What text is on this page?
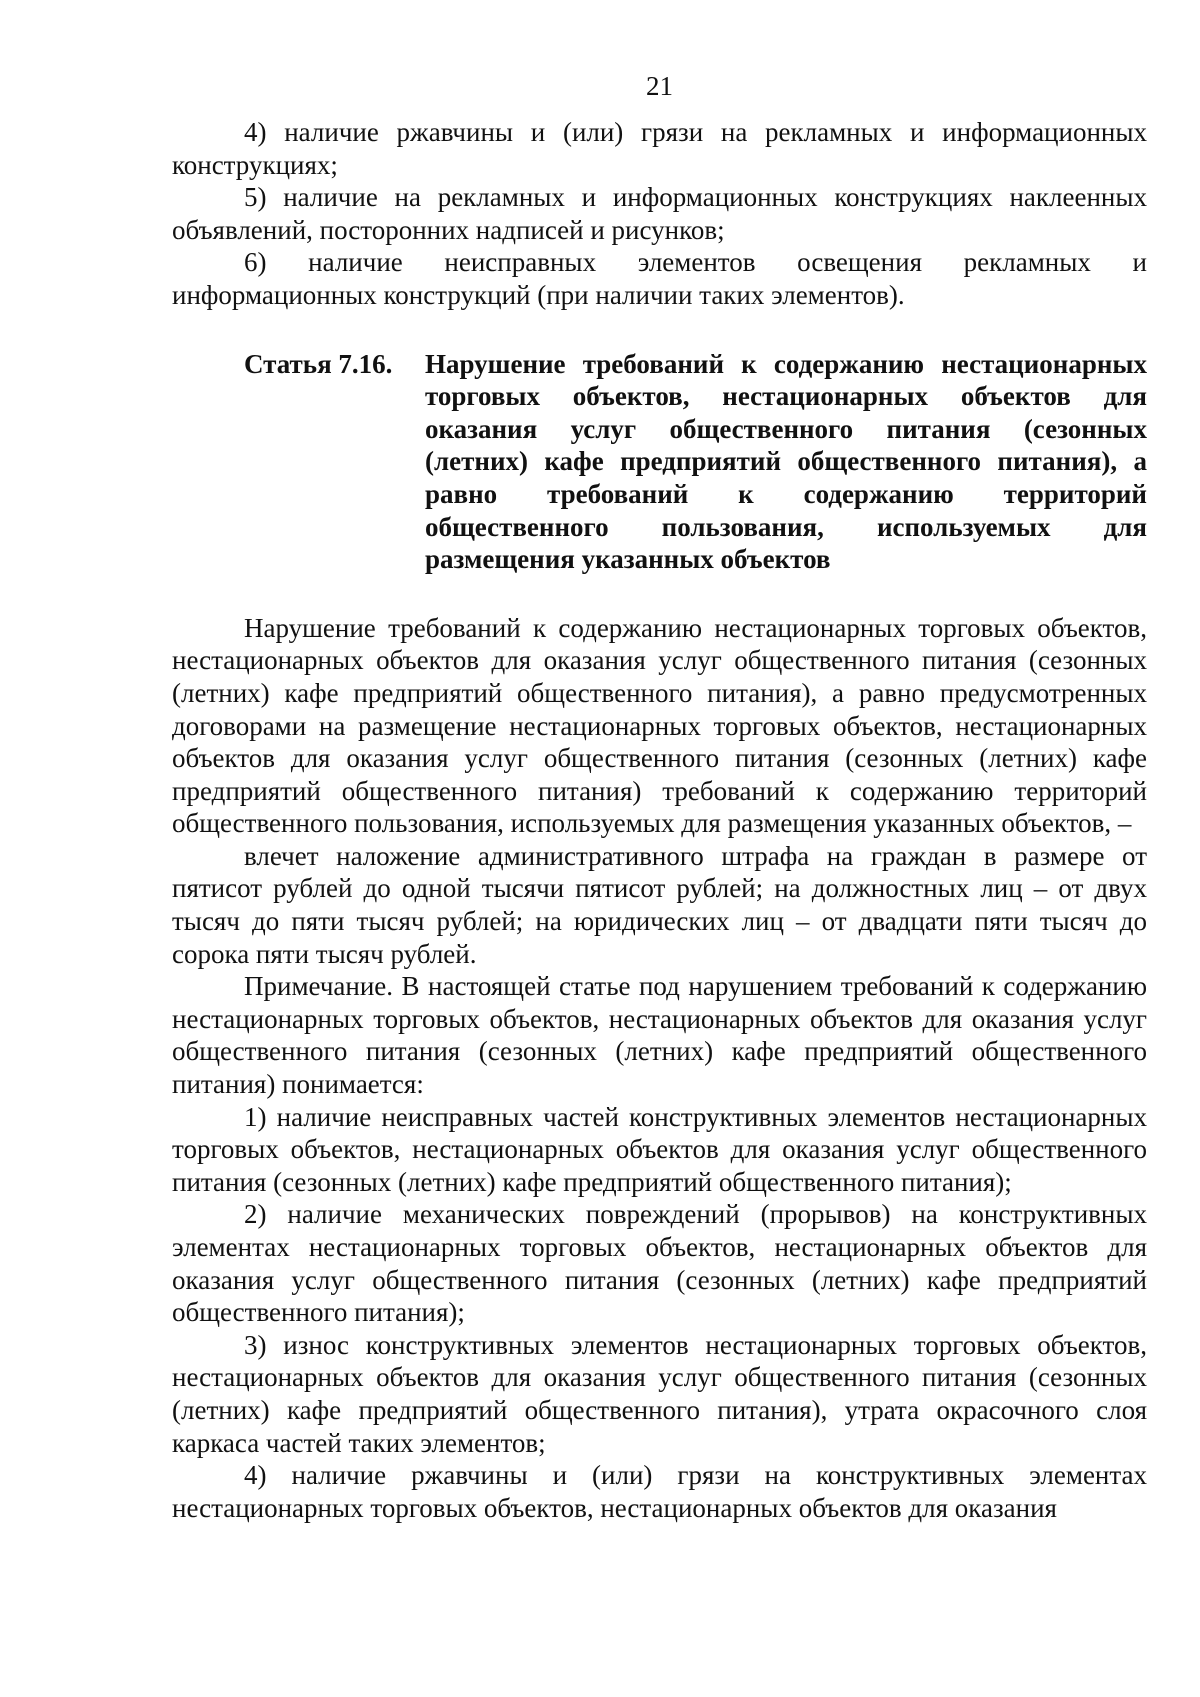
21

4) наличие ржавчины и (или) грязи на рекламных и информационных конструкциях;

5) наличие на рекламных и информационных конструкциях наклеенных объявлений, посторонних надписей и рисунков;

6) наличие неисправных элементов освещения рекламных и информационных конструкций (при наличии таких элементов).

Статья 7.16.	Нарушение требований к содержанию нестационарных торговых объектов, нестационарных объектов для оказания услуг общественного питания (сезонных (летних) кафе предприятий общественного питания), а равно требований к содержанию территорий общественного пользования, используемых для размещения указанных объектов

Нарушение требований к содержанию нестационарных торговых объектов, нестационарных объектов для оказания услуг общественного питания (сезонных (летних) кафе предприятий общественного питания), а равно предусмотренных договорами на размещение нестационарных торговых объектов, нестационарных объектов для оказания услуг общественного питания (сезонных (летних) кафе предприятий общественного питания) требований к содержанию территорий общественного пользования, используемых для размещения указанных объектов, –

влечет наложение административного штрафа на граждан в размере от пятисот рублей до одной тысячи пятисот рублей; на должностных лиц – от двух тысяч до пяти тысяч рублей; на юридических лиц – от двадцати пяти тысяч до сорока пяти тысяч рублей.

Примечание. В настоящей статье под нарушением требований к содержанию нестационарных торговых объектов, нестационарных объектов для оказания услуг общественного питания (сезонных (летних) кафе предприятий общественного питания) понимается:

1) наличие неисправных частей конструктивных элементов нестационарных торговых объектов, нестационарных объектов для оказания услуг общественного питания (сезонных (летних) кафе предприятий общественного питания);

2) наличие механических повреждений (прорывов) на конструктивных элементах нестационарных торговых объектов, нестационарных объектов для оказания услуг общественного питания (сезонных (летних) кафе предприятий общественного питания);

3) износ конструктивных элементов нестационарных торговых объектов, нестационарных объектов для оказания услуг общественного питания (сезонных (летних) кафе предприятий общественного питания), утрата окрасочного слоя каркаса частей таких элементов;

4) наличие ржавчины и (или) грязи на конструктивных элементах нестационарных торговых объектов, нестационарных объектов для оказания
